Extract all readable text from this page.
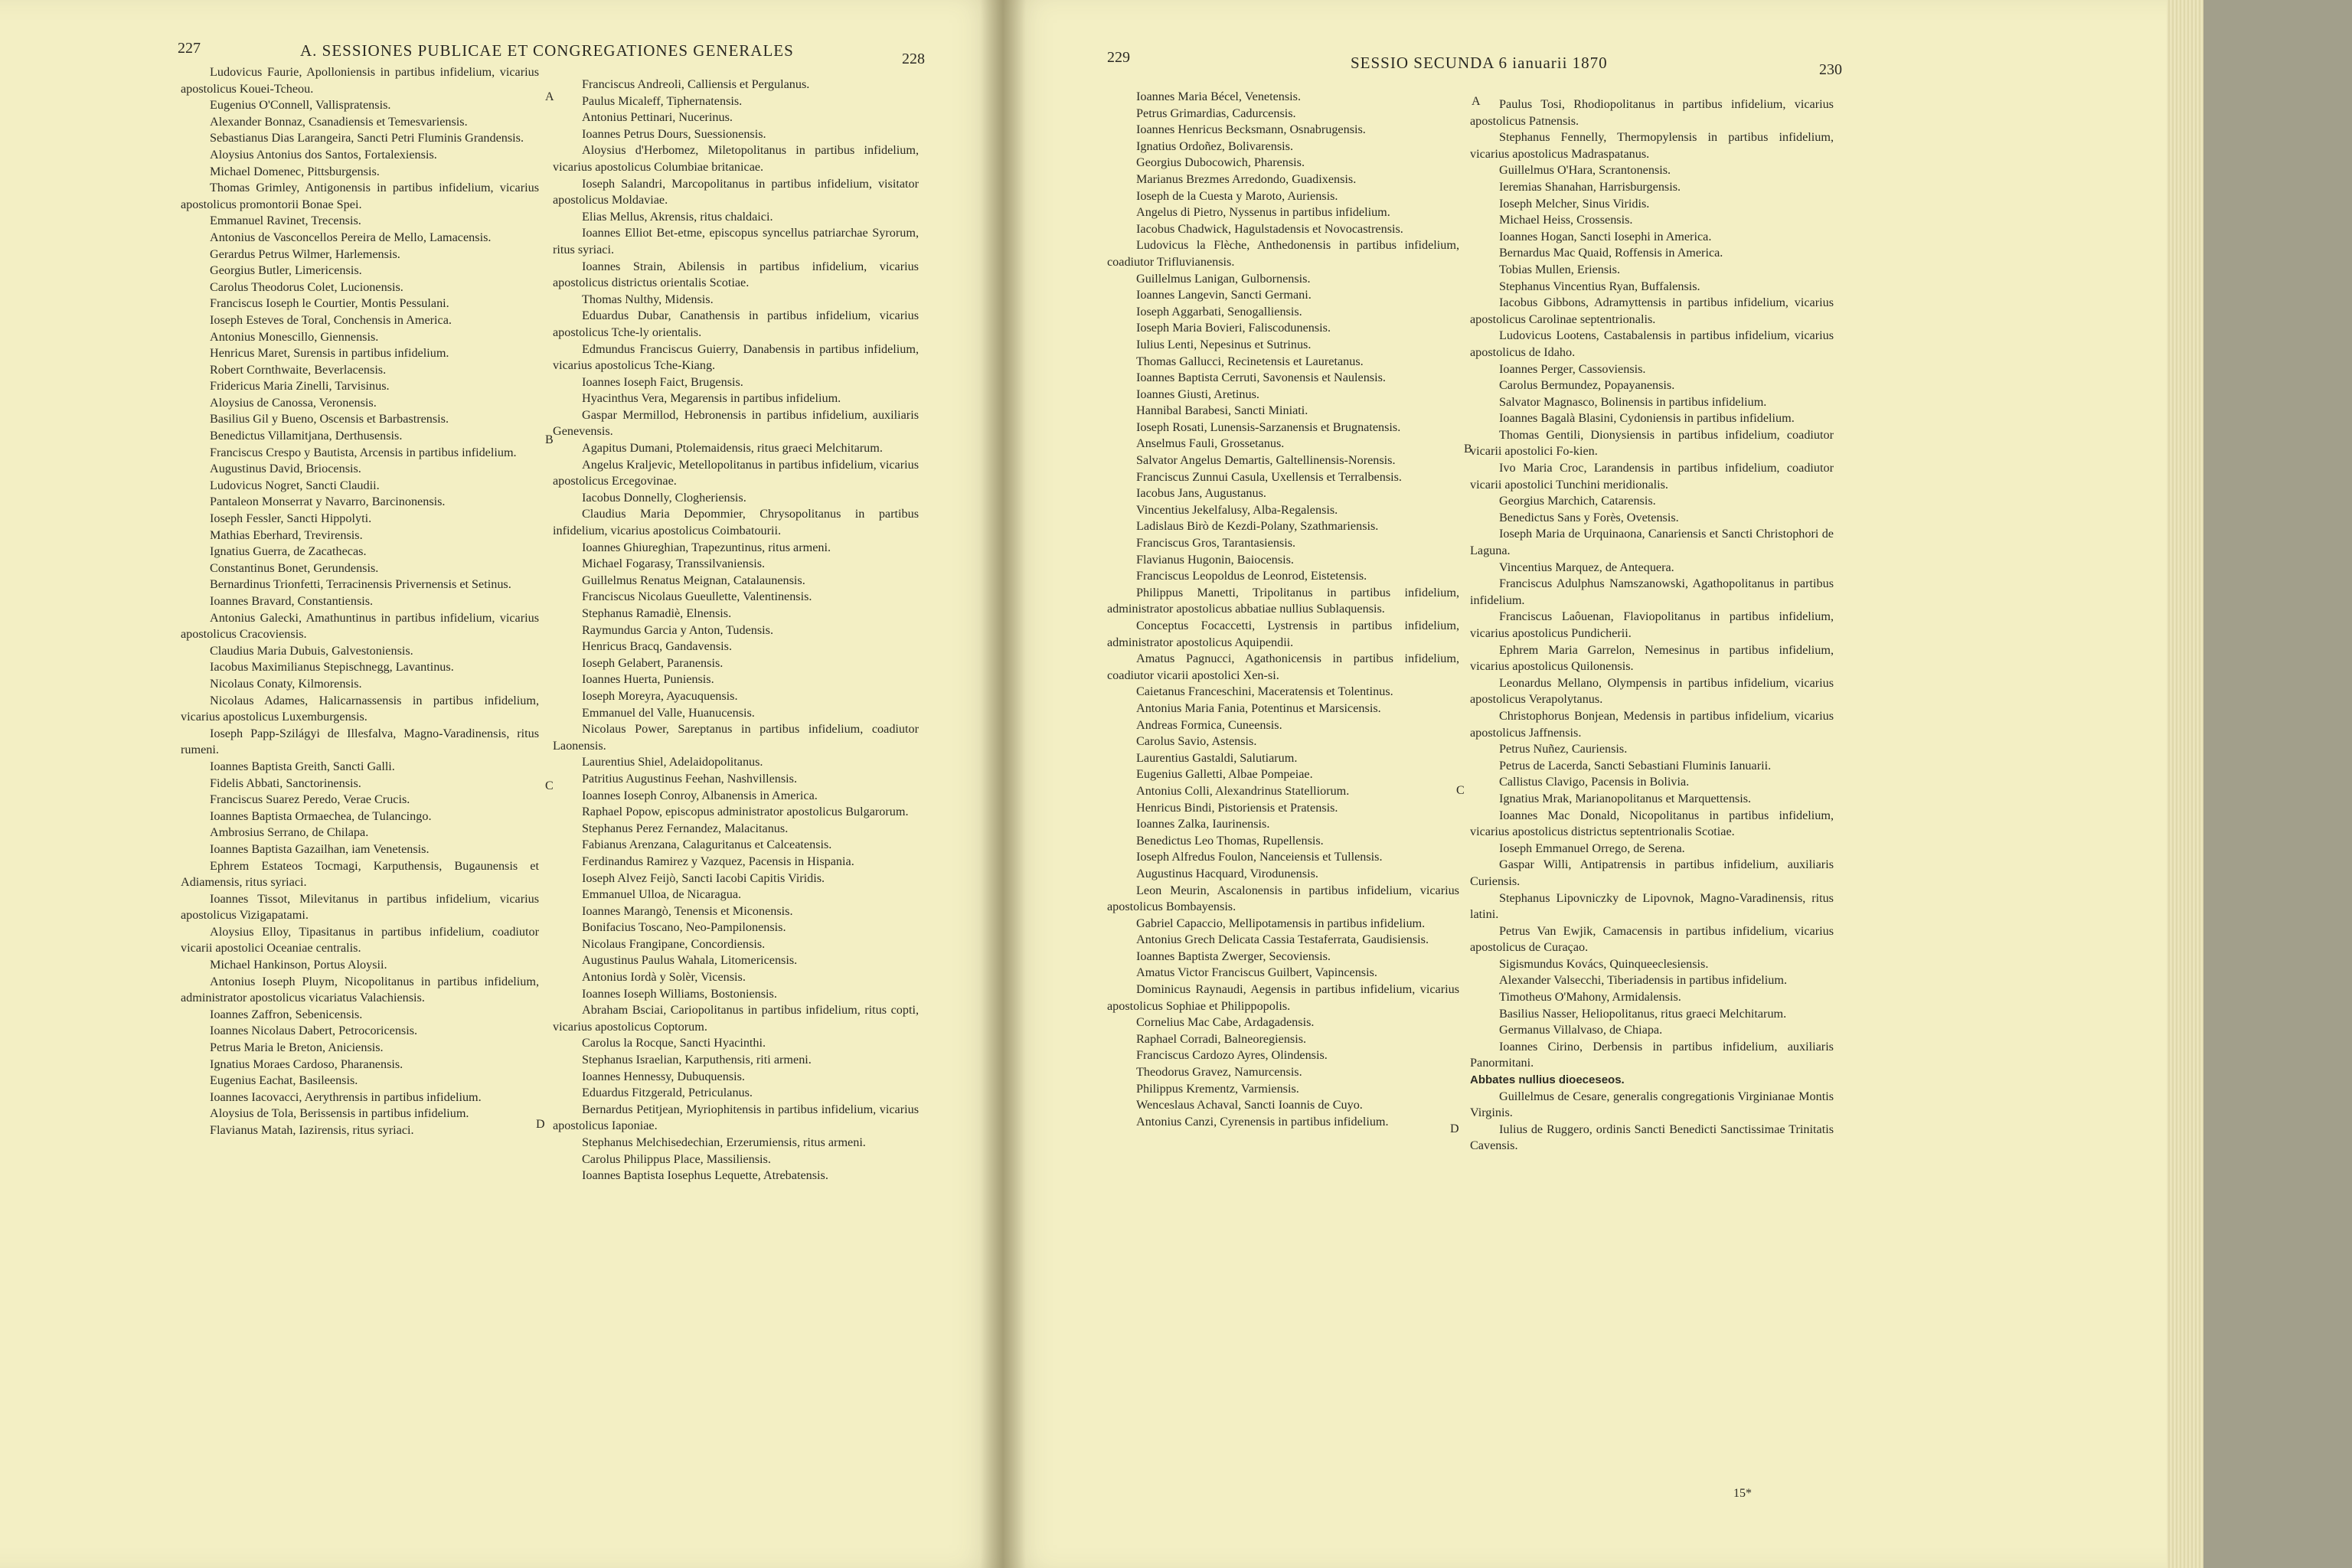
227	A. SESSIONES PUBLICAE ET CONGREGATIONES GENERALES	228

Ludovicus Faurie, Apolloniensis in partibus infidelium, vicarius apostolicus Kouei-Tcheou.

Eugenius O'Connell, Vallispratensis.

Alexander Bonnaz, Csanadiensis et Temesvariensis.

Sebastianus Dias Larangeira, Sancti Petri Fluminis Grandensis.

Aloysius Antonius dos Santos, Fortalexiensis.

Michael Domenec, Pittsburgensis.

Thomas Grimley, Antigonensis in partibus infidelium, vicarius apostolicus promontorii Bonae Spei.

Emmanuel Ravinet, Trecensis.

Antonius de Vasconcellos Pereira de Mello, Lamacensis.

Gerardus Petrus Wilmer, Harlemensis.

Georgius Butler, Limericensis.

Carolus Theodorus Colet, Lucionensis.

Franciscus Ioseph le Courtier, Montis Pessulani.

Ioseph Esteves de Toral, Conchensis in America.

Antonius Monescillo, Giennensis.

Henricus Maret, Surensis in partibus infidelium.

Robert Cornthwaite, Beverlacensis.

Fridericus Maria Zinelli, Tarvisinus.

Aloysius de Canossa, Veronensis.

Basilius Gil y Bueno, Oscensis et Barbastrensis.

Benedictus Villamitjana, Derthusensis.

Franciscus Crespo y Bautista, Arcensis in partibus infidelium.

Augustinus David, Briocensis.

Ludovicus Nogret, Sancti Claudii.

Pantaleon Monserrat y Navarro, Barcinonensis.

Ioseph Fessler, Sancti Hippolyti.

Mathias Eberhard, Trevirensis.

Ignatius Guerra, de Zacathecas.

Constantinus Bonet, Gerundensis.

Bernardinus Trionfetti, Terracinensis Privernensis et Setinus.

Ioannes Bravard, Constantiensis.

Antonius Galecki, Amathuntinus in partibus infidelium, vicarius apostolicus Cracoviensis.

Claudius Maria Dubuis, Galvestoniensis.

Iacobus Maximilianus Stepischnegg, Lavantinus.

Nicolaus Conaty, Kilmorensis.

Nicolaus Adames, Halicarnassensis in partibus infidelium, vicarius apostolicus Luxemburgensis.

Ioseph Papp-Szilágyi de Illesfalva, Magno-Varadinensis, ritus rumeni.

Ioannes Baptista Greith, Sancti Galli.

Fidelis Abbati, Sanctorinensis.

Franciscus Suarez Peredo, Verae Crucis.

Ioannes Baptista Ormaechea, de Tulancingo.

Ambrosius Serrano, de Chilapa.

Ioannes Baptista Gazailhan, iam Venetensis.

Ephrem Estateos Tocmagi, Karputhensis, Bugaunensis et Adiamensis, ritus syriaci.

Ioannes Tissot, Milevitanus in partibus infidelium, vicarius apostolicus Vizigapatami.

Aloysius Elloy, Tipasitanus in partibus infidelium, coadiutor vicarii apostolici Oceaniae centralis.

Michael Hankinson, Portus Aloysii.

Antonius Ioseph Pluym, Nicopolitanus in partibus infidelium, administrator apostolicus vicariatus Valachiensis.

Ioannes Zaffron, Sebenicensis.

Ioannes Nicolaus Dabert, Petrocoricensis.

Petrus Maria le Breton, Aniciensis.

Ignatius Moraes Cardoso, Pharanensis.

Eugenius Eachat, Basileensis.

Ioannes Iacovacci, Aerythrensis in partibus infidelium.

Aloysius de Tola, Berissensis in partibus infidelium.

Flavianus Matah, Iazirensis, ritus syriaci.

Franciscus Andreoli, Calliensis et Pergulanus.

Paulus Micaleff, Tiphernatensis.

Antonius Pettinari, Nucerinus.

Ioannes Petrus Dours, Suessionensis.

Aloysius d'Herbomez, Miletopolitanus in partibus infidelium, vicarius apostolicus Columbiae britanicae.

Ioseph Salandri, Marcopolitanus in partibus infidelium, visitator apostolicus Moldaviae.

Elias Mellus, Akrensis, ritus chaldaici.

Ioannes Elliot Bet-etme, episcopus syncellus patriarchae Syrorum, ritus syriaci.

Ioannes Strain, Abilensis in partibus infidelium, vicarius apostolicus districtus orientalis Scotiae.

Thomas Nulthy, Midensis.

Eduardus Dubar, Canathensis in partibus infidelium, vicarius apostolicus Tche-ly orientalis.

Edmundus Franciscus Guierry, Danabensis in partibus infidelium, vicarius apostolicus Tche-Kiang.

Ioannes Ioseph Faict, Brugensis.

Hyacinthus Vera, Megarensis in partibus infidelium.

Gaspar Mermillod, Hebronensis in partibus infidelium, auxiliaris Genevensis.

Agapitus Dumani, Ptolemaidensis, ritus graeci Melchitarum.

Angelus Kraljevic, Metellopolitanus in partibus infidelium, vicarius apostolicus Ercegovinae.

Iacobus Donnelly, Clogheriensis.

Claudius Maria Depommier, Chrysopolitanus in partibus infidelium, vicarius apostolicus Coimbatourii.

Ioannes Ghiureghian, Trapezuntinus, ritus armeni.

Michael Fogarasy, Transsilvaniensis.

Guillelmus Renatus Meignan, Catalaunensis.

Franciscus Nicolaus Gueullette, Valentinensis.

Stephanus Ramadiè, Elnensis.

Raymundus Garcia y Anton, Tudensis.

Henricus Bracq, Gandavensis.

Ioseph Gelabert, Paranensis.

Ioannes Huerta, Puniensis.

Ioseph Moreyra, Ayacuquensis.

Emmanuel del Valle, Huanucensis.

Nicolaus Power, Sareptanus in partibus infidelium, coadiutor Laonensis.

Laurentius Shiel, Adelaidopolitanus.

Patritius Augustinus Feehan, Nashvillensis.

Ioannes Ioseph Conroy, Albanensis in America.

Raphael Popow, episcopus administrator apostolicus Bulgarorum.

Stephanus Perez Fernandez, Malacitanus.

Fabianus Arenzana, Calaguritanus et Calceatensis.

Ferdinandus Ramirez y Vazquez, Pacensis in Hispania.

Ioseph Alvez Feijò, Sancti Iacobi Capitis Viridis.

Emmanuel Ulloa, de Nicaragua.

Ioannes Marangò, Tenensis et Miconensis.

Bonifacius Toscano, Neo-Pampilonensis.

Nicolaus Frangipane, Concordiensis.

Augustinus Paulus Wahala, Litomericensis.

Antonius Iordà y Solèr, Vicensis.

Ioannes Ioseph Williams, Bostoniensis.

Abraham Bsciai, Cariopolitanus in partibus infidelium, ritus copti, vicarius apostolicus Coptorum.

Carolus la Rocque, Sancti Hyacinthi.

Stephanus Israelian, Karputhensis, riti armeni.

Ioannes Hennessy, Dubuquensis.

Eduardus Fitzgerald, Petriculanus.

Bernardus Petitjean, Myriophitensis in partibus infidelium, vicarius apostolicus Iaponiae.

Stephanus Melchisedechian, Erzerumiensis, ritus armeni.

Carolus Philippus Place, Massiliensis.

Ioannes Baptista Iosephus Lequette, Atrebatensis.

A
B
C
D
229	SESSIO SECUNDA 6 ianuarii 1870	230

Ioannes Maria Bécel, Venetensis.

Petrus Grimardias, Cadurcensis.

Ioannes Henricus Becksmann, Osnabrugensis.

Ignatius Ordoñez, Bolivarensis.

Georgius Dubocowich, Pharensis.

Marianus Brezmes Arredondo, Guadixensis.

Ioseph de la Cuesta y Maroto, Auriensis.

Angelus di Pietro, Nyssenus in partibus infidelium.

Iacobus Chadwick, Hagulstadensis et Novocastrensis.

Ludovicus la Flèche, Anthedonensis in partibus infidelium, coadiutor Trifluvianensis.

Guillelmus Lanigan, Gulbornensis.

Ioannes Langevin, Sancti Germani.

Ioseph Aggarbati, Senogalliensis.

Ioseph Maria Bovieri, Faliscodunensis.

Iulius Lenti, Nepesinus et Sutrinus.

Thomas Gallucci, Recinetensis et Lauretanus.

Ioannes Baptista Cerruti, Savonensis et Naulensis.

Ioannes Giusti, Aretinus.

Hannibal Barabesi, Sancti Miniati.

Ioseph Rosati, Lunensis-Sarzanensis et Brugnatensis.

Anselmus Fauli, Grossetanus.

Salvator Angelus Demartis, Galtellinensis-Norensis.

Franciscus Zunnui Casula, Uxellensis et Terralbensis.

Iacobus Jans, Augustanus.

Vincentius Jekelfalusy, Alba-Regalensis.

Ladislaus Birò de Kezdi-Polany, Szathmariensis.

Franciscus Gros, Tarantasiensis.

Flavianus Hugonin, Baiocensis.

Franciscus Leopoldus de Leonrod, Eistetensis.

Philippus Manetti, Tripolitanus in partibus infidelium, administrator apostolicus abbatiae nullius Sublaquensis.

Conceptus Focaccetti, Lystrensis in partibus infidelium, administrator apostolicus Aquipendii.

Amatus Pagnucci, Agathonicensis in partibus infidelium, coadiutor vicarii apostolici Xen-si.

Caietanus Franceschini, Maceratensis et Tolentinus.

Antonius Maria Fania, Potentinus et Marsicensis.

Andreas Formica, Cuneensis.

Carolus Savio, Astensis.

Laurentius Gastaldi, Salutiarum.

Eugenius Galletti, Albae Pompeiae.

Antonius Colli, Alexandrinus Statelliorum.

Henricus Bindi, Pistoriensis et Pratensis.

Ioannes Zalka, Iaurinensis.

Benedictus Leo Thomas, Rupellensis.

Ioseph Alfredus Foulon, Nanceiensis et Tullensis.

Augustinus Hacquard, Virodunensis.

Leon Meurin, Ascalonensis in partibus infidelium, vicarius apostolicus Bombayensis.

Gabriel Capaccio, Mellipotamensis in partibus infidelium.

Antonius Grech Delicata Cassia Testaferrata, Gaudisiensis.

Ioannes Baptista Zwerger, Secoviensis.

Amatus Victor Franciscus Guilbert, Vapincensis.

Dominicus Raynaudi, Aegensis in partibus infidelium, vicarius apostolicus Sophiae et Philippopolis.

Cornelius Mac Cabe, Ardagadensis.

Raphael Corradi, Balneoregiensis.

Franciscus Cardozo Ayres, Olindensis.

Theodorus Gravez, Namurcensis.

Philippus Krementz, Varmiensis.

Wenceslaus Achaval, Sancti Ioannis de Cuyo.

Antonius Canzi, Cyrenensis in partibus infidelium.

Paulus Tosi, Rhodiopolitanus in partibus infidelium, vicarius apostolicus Patnensis.

Stephanus Fennelly, Thermopylensis in partibus infidelium, vicarius apostolicus Madraspatanus.

Guillelmus O'Hara, Scrantonensis.

Ieremias Shanahan, Harrisburgensis.

Ioseph Melcher, Sinus Viridis.

Michael Heiss, Crossensis.

Ioannes Hogan, Sancti Iosephi in America.

Bernardus Mac Quaid, Roffensis in America.

Tobias Mullen, Eriensis.

Stephanus Vincentius Ryan, Buffalensis.

Iacobus Gibbons, Adramyttensis in partibus infidelium, vicarius apostolicus Carolinae septentrionalis.

Ludovicus Lootens, Castabalensis in partibus infidelium, vicarius apostolicus de Idaho.

Ioannes Perger, Cassoviensis.

Carolus Bermundez, Popayanensis.

Salvator Magnasco, Bolinensis in partibus infidelium.

Ioannes Bagalà Blasini, Cydoniensis in partibus infidelium.

Thomas Gentili, Dionysiensis in partibus infidelium, coadiutor vicarii apostolici Fo-kien.

Ivo Maria Croc, Larandensis in partibus infidelium, coadiutor vicarii apostolici Tunchini meridionalis.

Georgius Marchich, Catarensis.

Benedictus Sans y Forès, Ovetensis.

Ioseph Maria de Urquinaona, Canariensis et Sancti Christophori de Laguna.

Vincentius Marquez, de Antequera.

Franciscus Adulphus Namszanowski, Agathopolitanus in partibus infidelium.

Franciscus Laôuenan, Flaviopolitanus in partibus infidelium, vicarius apostolicus Pundicherii.

Ephrem Maria Garrelon, Nemesinus in partibus infidelium, vicarius apostolicus Quilonensis.

Leonardus Mellano, Olympensis in partibus infidelium, vicarius apostolicus Verapolytanus.

Christophorus Bonjean, Medensis in partibus infidelium, vicarius apostolicus Jaffnensis.

Petrus Nuñez, Cauriensis.

Petrus de Lacerda, Sancti Sebastiani Fluminis Ianuarii.

Callistus Clavigo, Pacensis in Bolivia.

Ignatius Mrak, Marianopolitanus et Marquettensis.

Ioannes Mac Donald, Nicopolitanus in partibus infidelium, vicarius apostolicus districtus septentrionalis Scotiae.

Ioseph Emmanuel Orrego, de Serena.

Gaspar Willi, Antipatrensis in partibus infidelium, auxiliaris Curiensis.

Stephanus Lipovniczky de Lipovnok, Magno-Varadinensis, ritus latini.

Petrus Van Ewjik, Camacensis in partibus infidelium, vicarius apostolicus de Curaçao.

Sigismundus Kovács, Quinqueeclesiensis.

Alexander Valsecchi, Tiberiadensis in partibus infidelium.

Timotheus O'Mahony, Armidalensis.

Basilius Nasser, Heliopolitanus, ritus graeci Melchitarum.

Germanus Villalvaso, de Chiapa.

Ioannes Cirino, Derbensis in partibus infidelium, auxiliaris Panormitani.

Abbates nullius dioeceseos.

Guillelmus de Cesare, generalis congregationis Virginianae Montis Virginis.

Iulius de Ruggero, ordinis Sancti Benedicti Sanctissimae Trinitatis Cavensis.

A
B
C
D
15*
